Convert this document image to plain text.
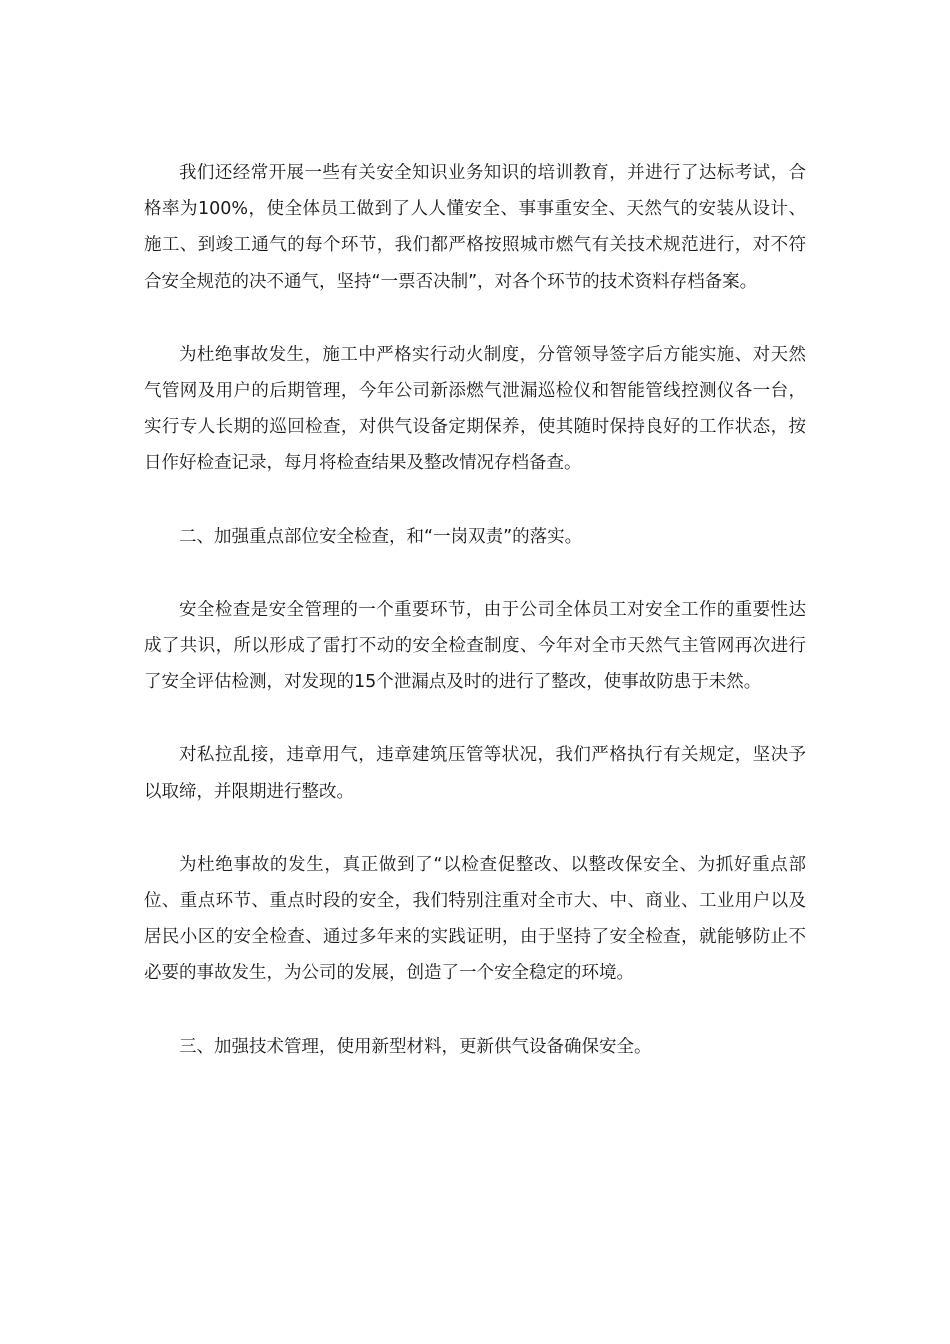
我们还经常开展一些有关安全知识业务知识的培训教育，并进行了达标考试，合格率为100%，使全体员工做到了人人懂安全、事事重安全、天然气的安装从设计、施工、到竣工通气的每个环节，我们都严格按照城市燃气有关技术规范进行，对不符合安全规范的决不通气，坚持“一票否决制”，对各个环节的技术资料存档备案。

为杜绝事故发生，施工中严格实行动火制度，分管领导签字后方能实施、对天然气管网及用户的后期管理，今年公司新添燃气泄漏巡检仪和智能管线控测仪各一台，实行专人长期的巡回检查，对供气设备定期保养，使其随时保持良好的工作状态，按日作好检查记录，每月将检查结果及整改情况存档备查。

二、加强重点部位安全检查，和“一岗双责”的落实。

安全检查是安全管理的一个重要环节，由于公司全体员工对安全工作的重要性达成了共识，所以形成了雷打不动的安全检查制度、今年对全市天然气主管网再次进行了安全评估检测，对发现的15个泄漏点及时的进行了整改，使事故防患于未然。

对私拉乱接，违章用气，违章建筑压管等状况，我们严格执行有关规定，坚决予以取缔，并限期进行整改。

为杜绝事故的发生，真正做到了“以检查促整改、以整改保安全、为抓好重点部位、重点环节、重点时段的安全，我们特别注重对全市大、中、商业、工业用户以及居民小区的安全检查、通过多年来的实践证明，由于坚持了安全检查，就能够防止不必要的事故发生，为公司的发展，创造了一个安全稳定的环境。

三、加强技术管理，使用新型材料，更新供气设备确保安全。
